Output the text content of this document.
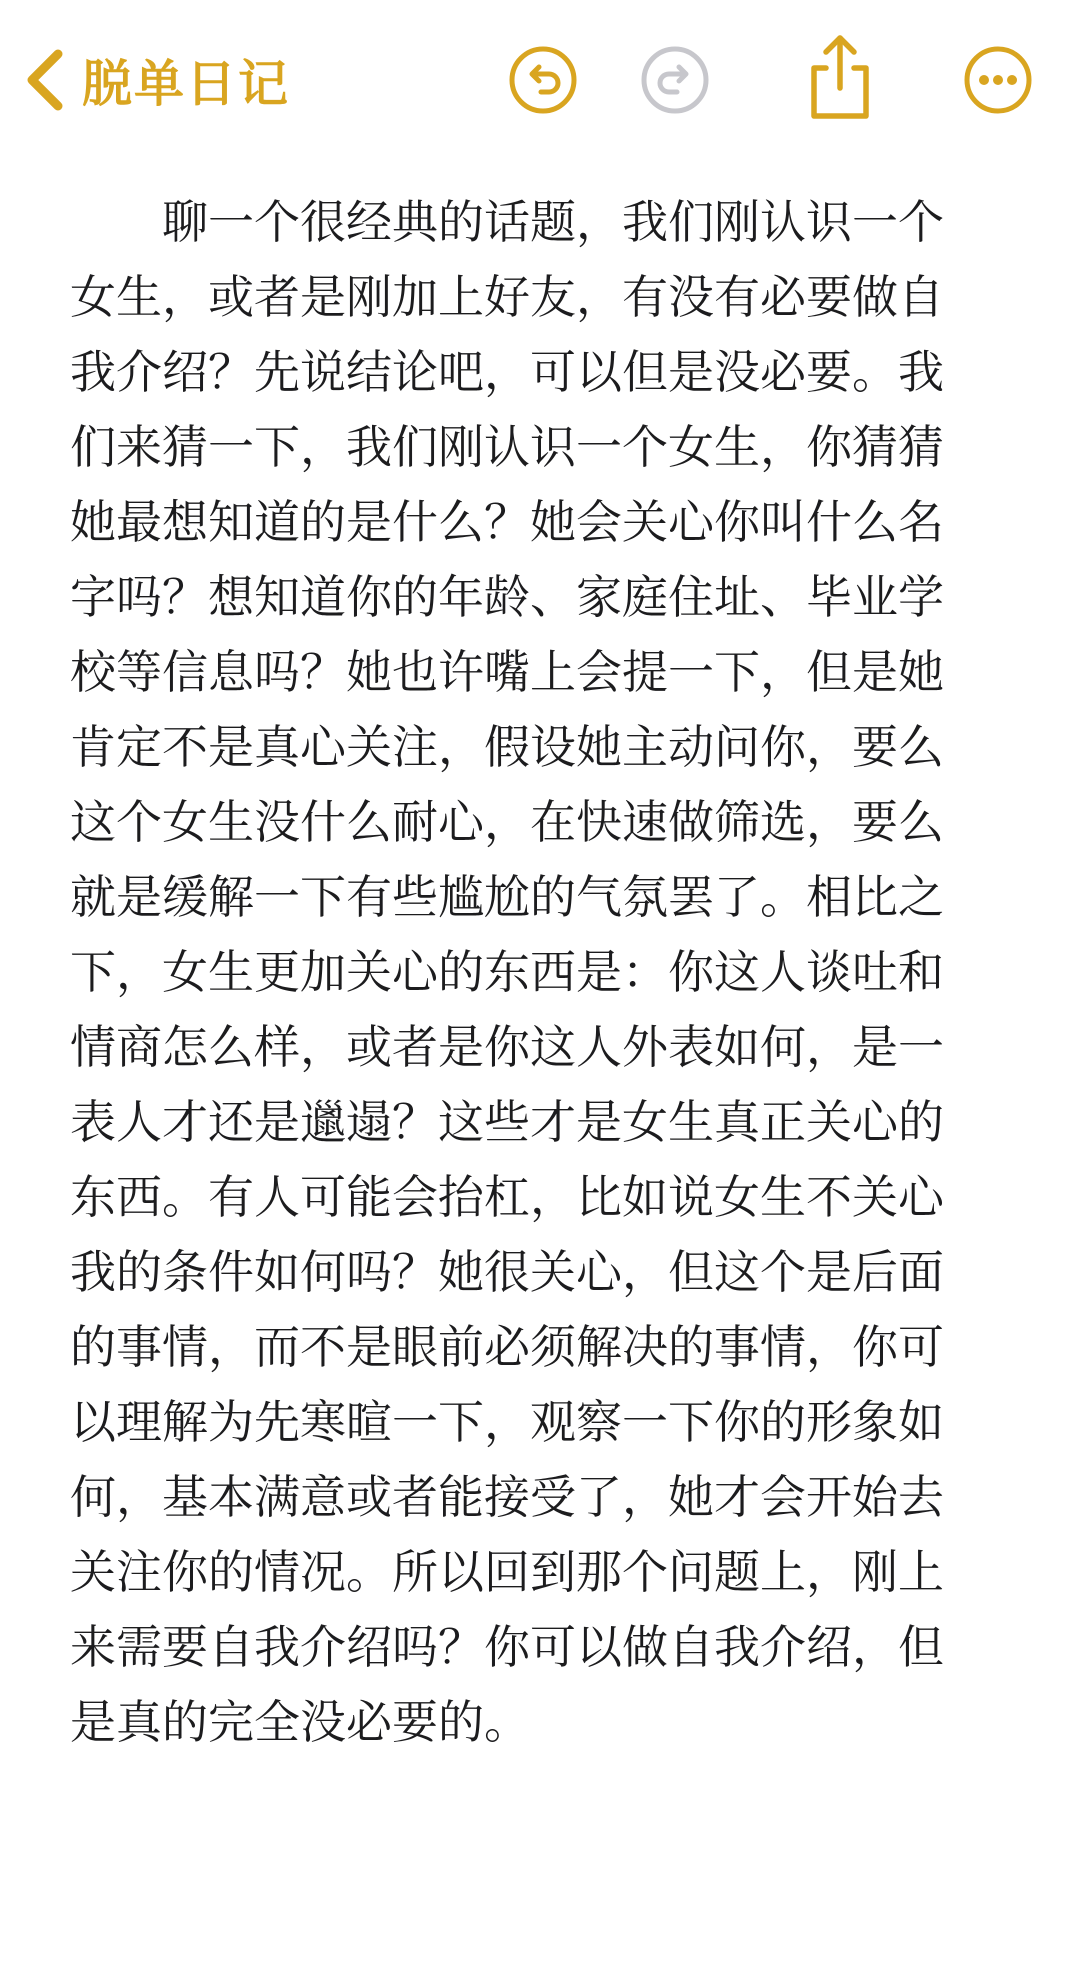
脱单日记

聊一个很经典的话题，我们刚认识一个女生，或者是刚加上好友，有没有必要做自我介绍？先说结论吧，可以但是没必要。我们来猜一下，我们刚认识一个女生，你猜猜她最想知道的是什么？她会关心你叫什么名字吗？想知道你的年龄、家庭住址、毕业学校等信息吗？她也许嘴上会提一下，但是她肯定不是真心关注，假设她主动问你，要么这个女生没什么耐心，在快速做筛选，要么就是缓解一下有些尴尬的气氛罢了。相比之下，女生更加关心的东西是：你这人谈吐和情商怎么样，或者是你这人外表如何，是一表人才还是邋遢？这些才是女生真正关心的东西。有人可能会抬杠，比如说女生不关心我的条件如何吗？她很关心，但这个是后面的事情，而不是眼前必须解决的事情，你可以理解为先寒暄一下，观察一下你的形象如何，基本满意或者能接受了，她才会开始去关注你的情况。所以回到那个问题上，刚上来需要自我介绍吗？你可以做自我介绍，但是真的完全没必要的。
